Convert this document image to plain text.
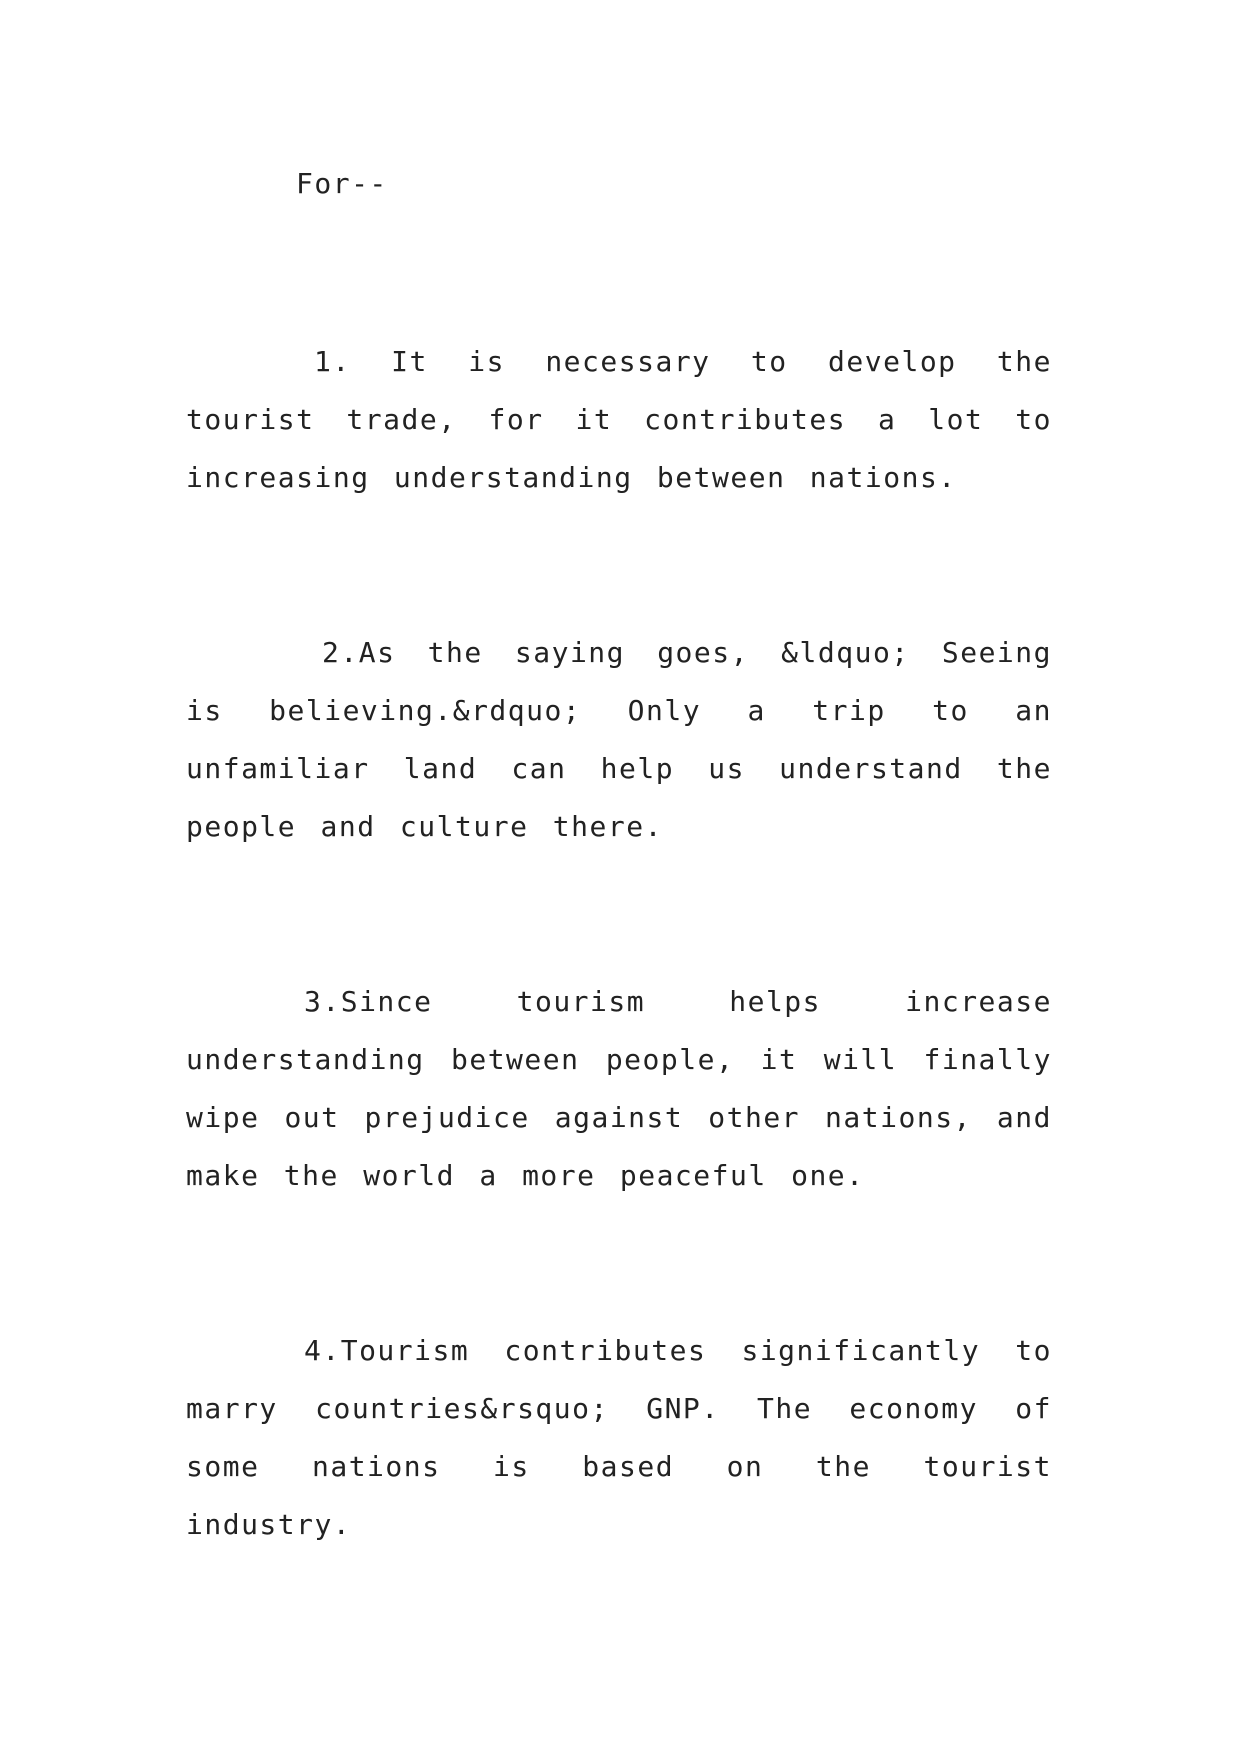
For--
1. It is necessary to develop the tourist trade, for it contributes a lot to increasing understanding between nations.
2.As the saying goes, &ldquo; Seeing is believing.&rdquo; Only a trip to an unfamiliar land can help us understand the people and culture there.
3.Since tourism helps increase understanding between people, it will finally wipe out prejudice against other nations, and make the world a more peaceful one.
4.Tourism contributes significantly to marry countries&rsquo; GNP. The economy of some nations is based on the tourist industry.
